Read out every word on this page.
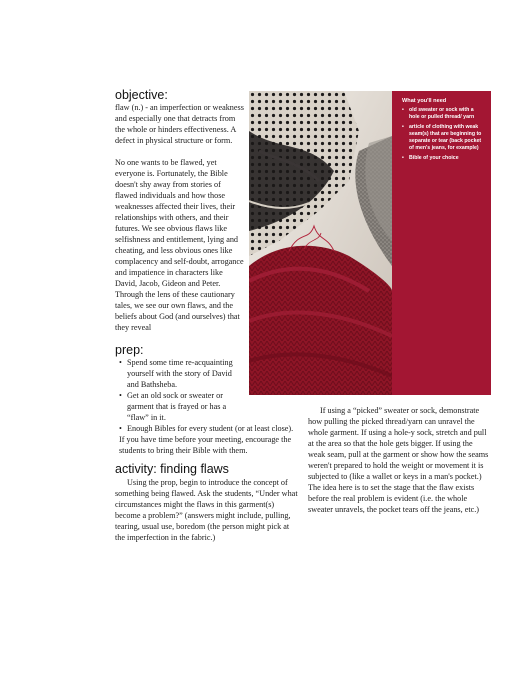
objective:

flaw (n.) - an imperfection or weakness and especially one that detracts from the whole or hinders effectiveness. A defect in physical structure or form.

No one wants to be flawed, yet everyone is. Fortunately, the Bible doesn't shy away from stories of flawed individuals and how those weaknesses affected their lives, their relationships with others, and their futures. We see obvious flaws like selfishness and entitlement, lying and cheating, and less obvious ones like complacency and self-doubt, arrogance and impatience in characters like David, Jacob, Gideon and Peter. Through the lens of these cautionary tales, we see our own flaws, and the beliefs about God (and ourselves) that they reveal

prep:
• Spend some time re-acquainting yourself with the story of David and Bathsheba.
• Get an old sock or sweater or garment that is frayed or has a “flaw” in it.
• Enough Bibles for every student (or at least close).

If you have time before your meeting, encourage the students to bring their Bible with them.

activity: finding flaws

Using the prop, begin to introduce the concept of something being flawed. Ask the students, “Under what circumstances might the flaws in this garment(s) become a problem?” (answers might include, pulling, tearing, usual use, boredom (the person might pick at the imperfection in the fabric.)

If using a “picked” sweater or sock, demonstrate how pulling the picked thread/yarn can unravel the whole garment. If using a hole-y sock, stretch and pull at the area so that the hole gets bigger. If using the weak seam, pull at the garment or show how the seams weren't prepared to hold the weight or movement it is subjected to (like a wallet or keys in a man's pocket.) The idea here is to set the stage that the flaw exists before the real problem is evident (i.e. the whole sweater unravels, the pocket tears off the jeans, etc.)

What you'll need

• old sweater or sock with a hole or pulled thread/ yarn
• article of clothing with weak seam(s) that are beginning to separate or tear (back pocket of men's jeans, for example)
• Bible of your choice
